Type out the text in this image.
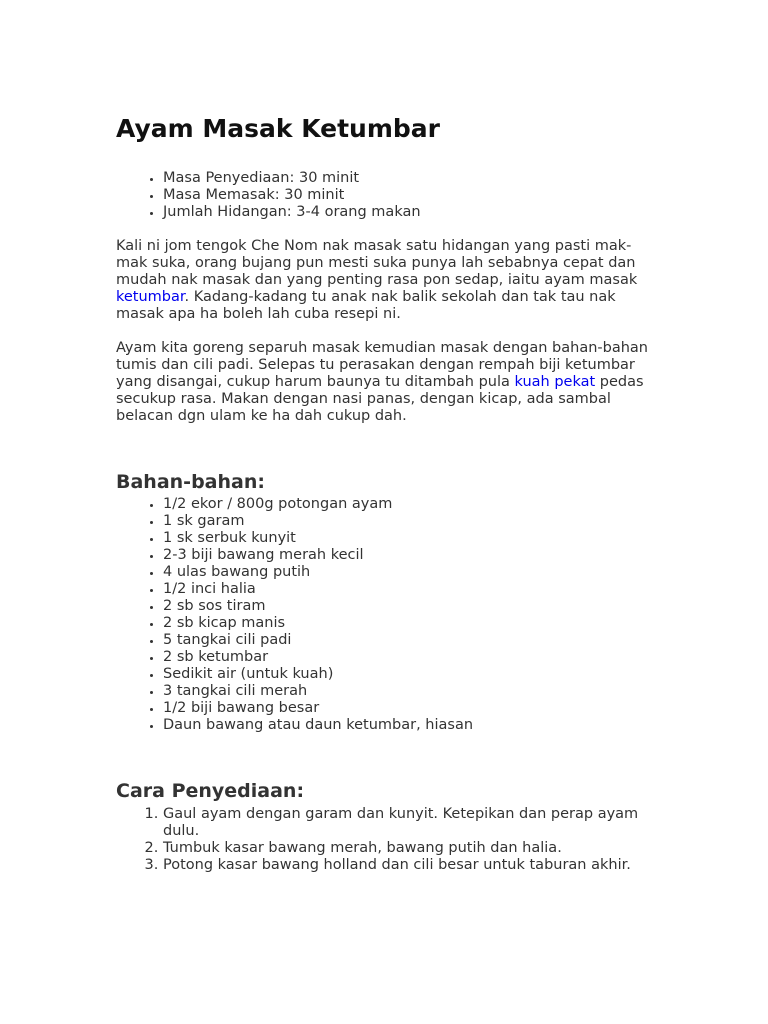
Ayam Masak Ketumbar
• Masa Penyediaan: 30 minit
• Masa Memasak: 30 minit
• Jumlah Hidangan: 3-4 orang makan

Kali ni jom tengok Che Nom nak masak satu hidangan yang pasti mak-mak suka, orang bujang pun mesti suka punya lah sebabnya cepat dan mudah nak masak dan yang penting rasa pon sedap, iaitu ayam masak ketumbar. Kadang-kadang tu anak nak balik sekolah dan tak tau nak masak apa ha boleh lah cuba resepi ni.

Ayam kita goreng separuh masak kemudian masak dengan bahan-bahan tumis dan cili padi. Selepas tu perasakan dengan rempah biji ketumbar yang disangai, cukup harum baunya tu ditambah pula kuah pekat pedas secukup rasa. Makan dengan nasi panas, dengan kicap, ada sambal belacan dgn ulam ke ha dah cukup dah.

Bahan-bahan:
• 1/2 ekor / 800g potongan ayam
• 1 sk garam
• 1 sk serbuk kunyit
• 2-3 biji bawang merah kecil
• 4 ulas bawang putih
• 1/2 inci halia
• 2 sb sos tiram
• 2 sb kicap manis
• 5 tangkai cili padi
• 2 sb ketumbar
• Sedikit air (untuk kuah)
• 3 tangkai cili merah
• 1/2 biji bawang besar
• Daun bawang atau daun ketumbar, hiasan
Cara Penyediaan:
1. Gaul ayam dengan garam dan kunyit. Ketepikan dan perap ayam dulu.
2. Tumbuk kasar bawang merah, bawang putih dan halia.
3. Potong kasar bawang holland dan cili besar untuk taburan akhir.
